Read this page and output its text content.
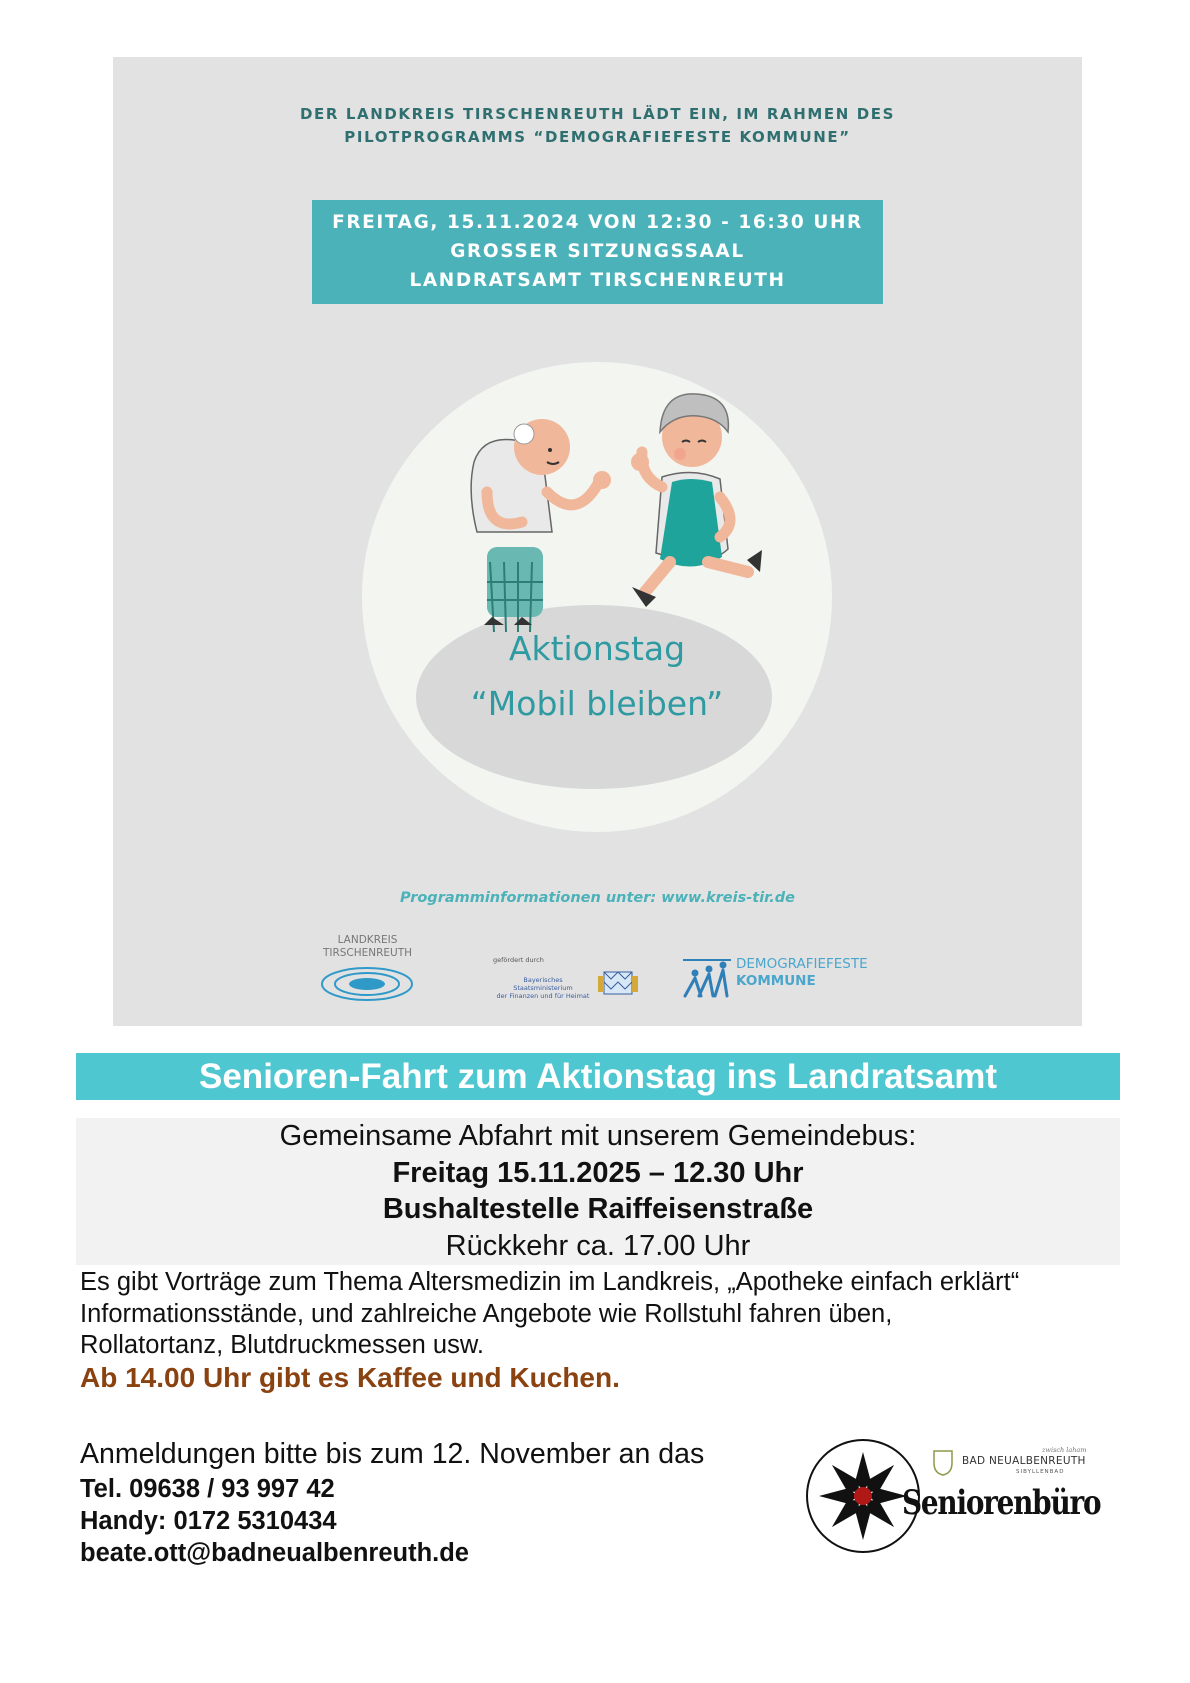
DER LANDKREIS TIRSCHENREUTH LÄDT EIN, IM RAHMEN DES
PILOTPROGRAMMS “DEMOGRAFIEFESTE KOMMUNE”
FREITAG, 15.11.2024 VON 12:30 - 16:30 UHR
GROSSER SITZUNGSSAAL
LANDRATSAMT TIRSCHENREUTH
Aktionstag
“Mobil bleiben”
Programminformationen unter: www.kreis-tir.de
LANDKREIS
TIRSCHENREUTH
gefördert durch
Bayerisches Staatsministerium
der Finanzen und für Heimat
DEMOGRAFIEFESTE
KOMMUNE
Senioren-Fahrt zum Aktionstag ins Landratsamt
Gemeinsame Abfahrt mit unserem Gemeindebus:
Freitag 15.11.2025 – 12.30 Uhr
Bushaltestelle Raiffeisenstraße
Rückkehr ca. 17.00 Uhr
Es gibt Vorträge zum Thema Altersmedizin im Landkreis, „Apotheke einfach erklärt“
Informationsstände, und zahlreiche Angebote wie Rollstuhl fahren üben,
Rollatortanz, Blutdruckmessen usw.
Ab 14.00 Uhr gibt es Kaffee und Kuchen.
Anmeldungen bitte bis zum 12. November an das
Tel. 09638 / 93 997 42
Handy: 0172 5310434
beate.ott@badneualbenreuth.de
zwisch laham
BAD NEUALBENREUTH
SIBYLLENBAD
Seniorenbüro
